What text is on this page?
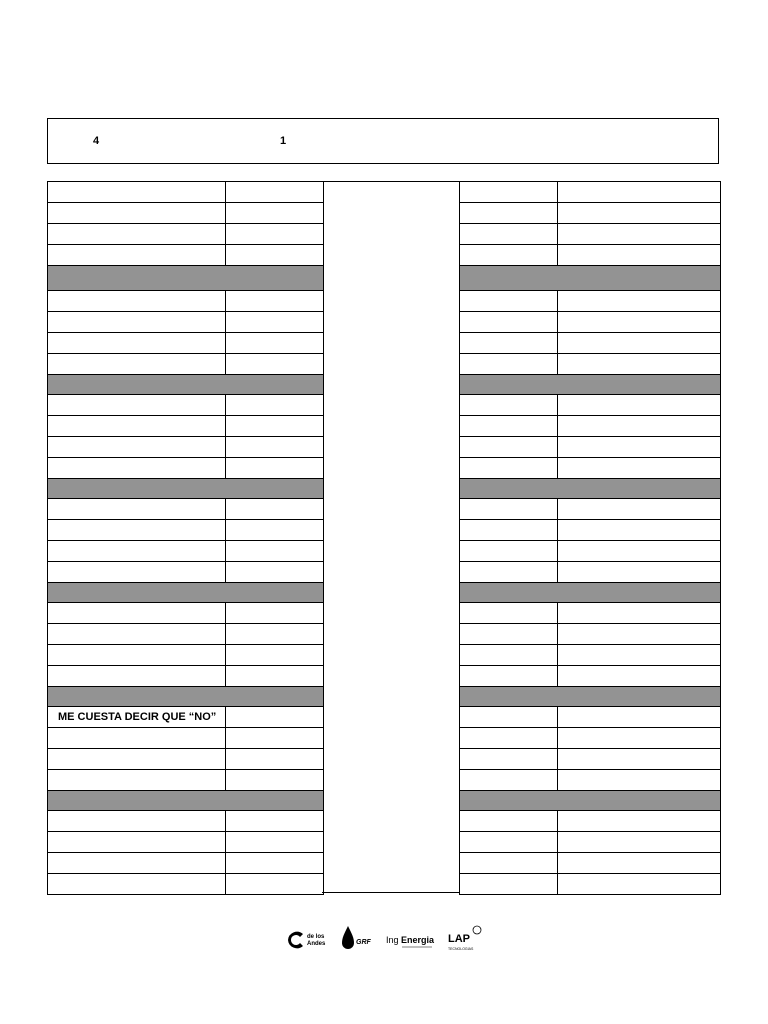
4	1

ME CUESTA DECIR QUE “NO”	

de los
Andes	GRF Ing Energia LAP
TECNOLOGIAS
